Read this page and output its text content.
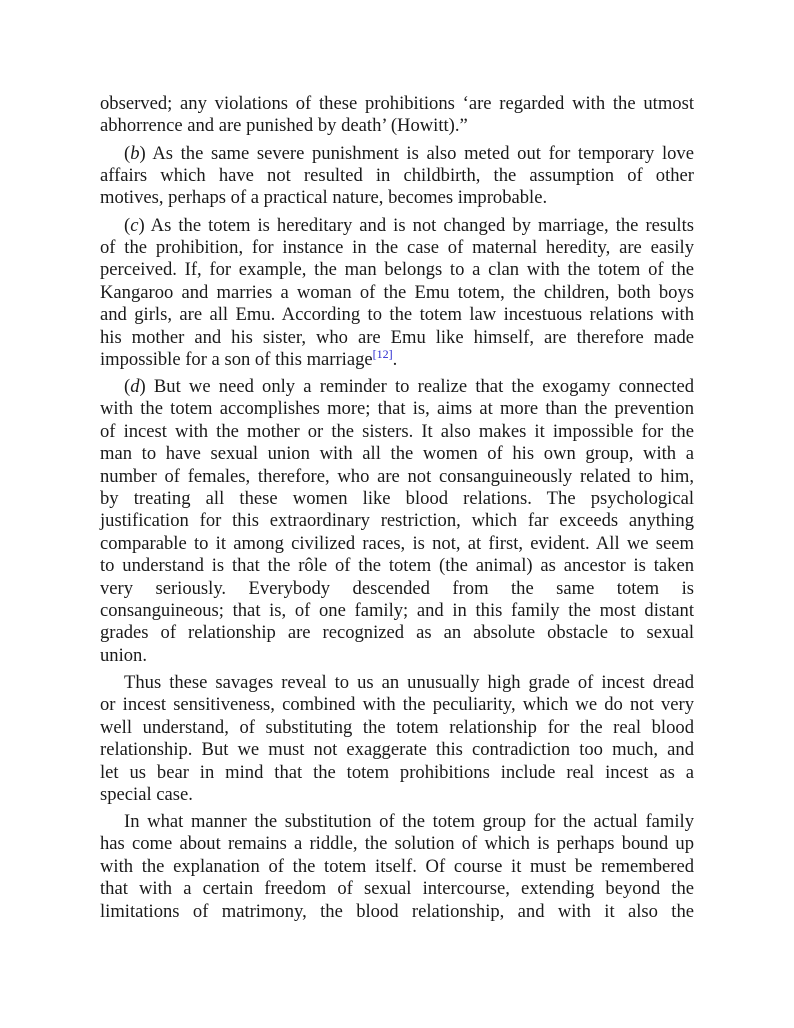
observed; any violations of these prohibitions ‘are regarded with the utmost
abhorrence and are punished by death’ (Howitt).”
(b) As the same severe punishment is also meted out for temporary love
affairs which have not resulted in childbirth, the assumption of other
motives, perhaps of a practical nature, becomes improbable.
(c) As the totem is hereditary and is not changed by marriage, the results
of the prohibition, for instance in the case of maternal heredity, are easily
perceived. If, for example, the man belongs to a clan with the totem of the
Kangaroo and marries a woman of the Emu totem, the children, both boys
and girls, are all Emu. According to the totem law incestuous relations with
his mother and his sister, who are Emu like himself, are therefore made
impossible for a son of this marriage[12].
(d) But we need only a reminder to realize that the exogamy connected
with the totem accomplishes more; that is, aims at more than the prevention
of incest with the mother or the sisters. It also makes it impossible for the
man to have sexual union with all the women of his own group, with a
number of females, therefore, who are not consanguineously related to him,
by treating all these women like blood relations. The psychological
justification for this extraordinary restriction, which far exceeds anything
comparable to it among civilized races, is not, at first, evident. All we seem
to understand is that the rôle of the totem (the animal) as ancestor is taken
very seriously. Everybody descended from the same totem is
consanguineous; that is, of one family; and in this family the most distant
grades of relationship are recognized as an absolute obstacle to sexual
union.
Thus these savages reveal to us an unusually high grade of incest dread
or incest sensitiveness, combined with the peculiarity, which we do not very
well understand, of substituting the totem relationship for the real blood
relationship. But we must not exaggerate this contradiction too much, and
let us bear in mind that the totem prohibitions include real incest as a
special case.
In what manner the substitution of the totem group for the actual family
has come about remains a riddle, the solution of which is perhaps bound up
with the explanation of the totem itself. Of course it must be remembered
that with a certain freedom of sexual intercourse, extending beyond the
limitations of matrimony, the blood relationship, and with it also the
